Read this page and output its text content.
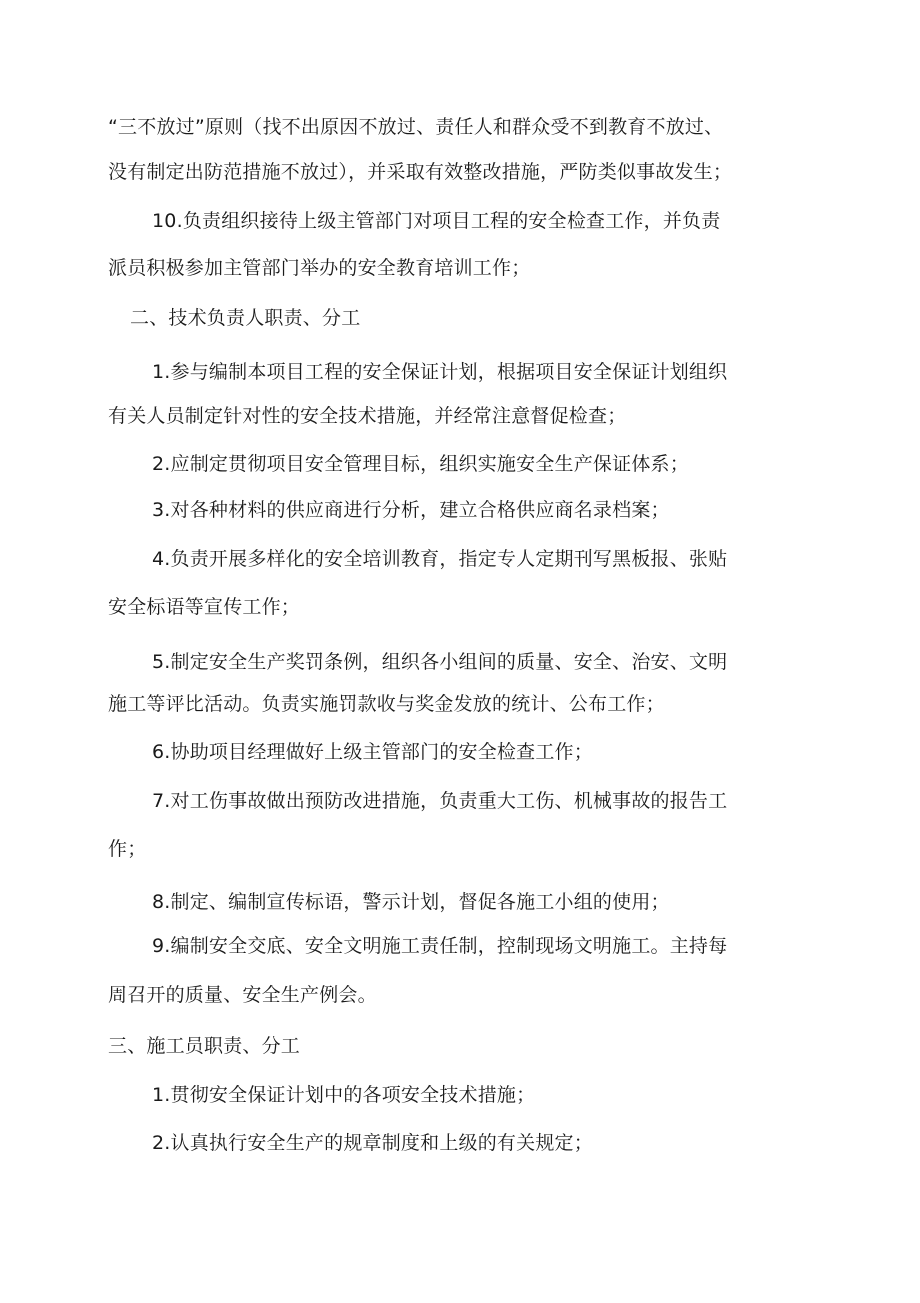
“三不放过”原则（找不出原因不放过、责任人和群众受不到教育不放过、
没有制定出防范措施不放过），并采取有效整改措施，严防类似事故发生；
10.负责组织接待上级主管部门对项目工程的安全检查工作，并负责
派员积极参加主管部门举办的安全教育培训工作；
二、技术负责人职责、分工
1.参与编制本项目工程的安全保证计划，根据项目安全保证计划组织
有关人员制定针对性的安全技术措施，并经常注意督促检查；
2.应制定贯彻项目安全管理目标，组织实施安全生产保证体系；
3.对各种材料的供应商进行分析，建立合格供应商名录档案；
4.负责开展多样化的安全培训教育，指定专人定期刊写黑板报、张贴
安全标语等宣传工作；
5.制定安全生产奖罚条例，组织各小组间的质量、安全、治安、文明
施工等评比活动。负责实施罚款收与奖金发放的统计、公布工作；
6.协助项目经理做好上级主管部门的安全检查工作；
7.对工伤事故做出预防改进措施，负责重大工伤、机械事故的报告工
作；
8.制定、编制宣传标语，警示计划，督促各施工小组的使用；
9.编制安全交底、安全文明施工责任制，控制现场文明施工。主持每
周召开的质量、安全生产例会。
三、施工员职责、分工
1.贯彻安全保证计划中的各项安全技术措施；
2.认真执行安全生产的规章制度和上级的有关规定；
